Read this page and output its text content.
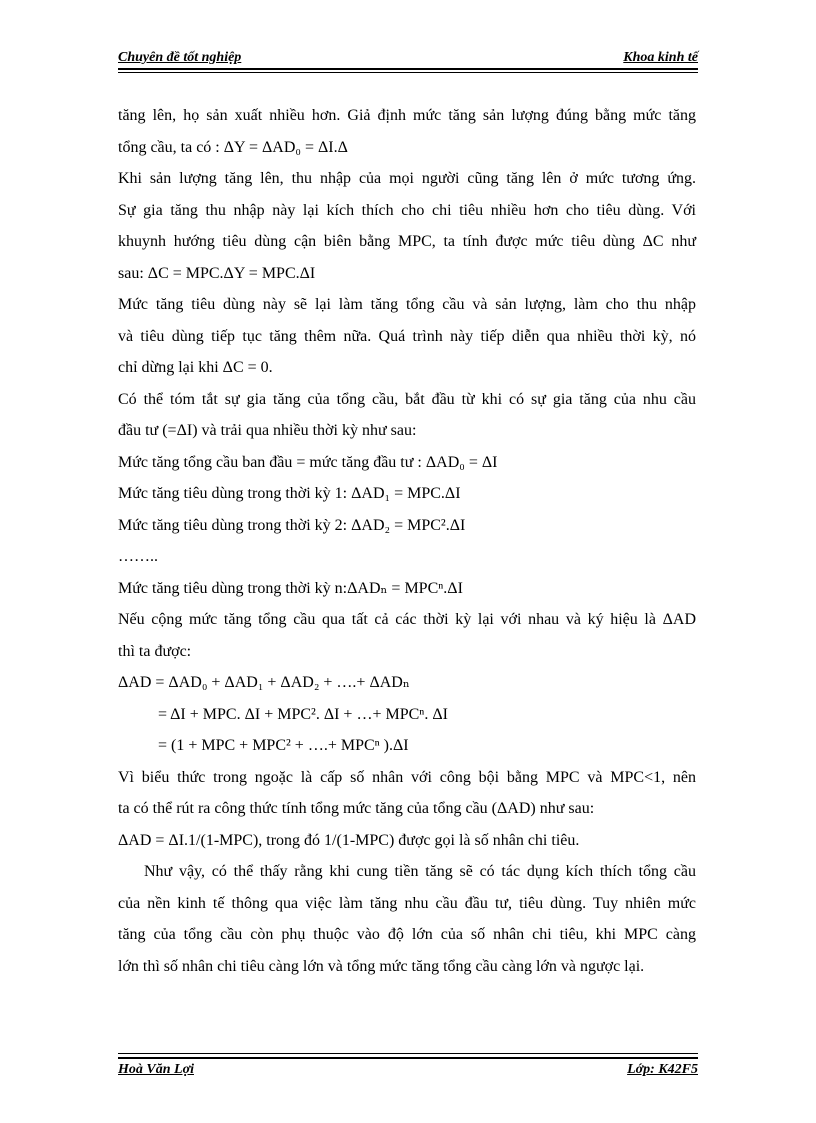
Chuyên đề tốt nghiệp	Khoa kinh tế
tăng lên, họ sản xuất nhiều hơn. Giả định mức tăng sản lượng đúng bằng mức tăng
tổng cầu, ta có : ΔY = ΔAD₀ = ΔI.Δ
Khi sản lượng tăng lên, thu nhập của mọi người cũng tăng lên ở mức tương ứng.
Sự gia tăng thu nhập này lại kích thích cho chi tiêu nhiều hơn cho tiêu dùng. Với
khuynh hướng tiêu dùng cận biên bằng MPC, ta tính được mức tiêu dùng ΔC như
sau: ΔC = MPC.ΔY = MPC.ΔI
Mức tăng tiêu dùng này sẽ lại làm tăng tổng cầu và sản lượng, làm cho thu nhập
và tiêu dùng tiếp tục tăng thêm nữa. Quá trình này tiếp diễn qua nhiều thời kỳ, nó
chỉ dừng lại khi ΔC = 0.
Có thể tóm tắt sự gia tăng của tổng cầu, bắt đầu từ khi có sự gia tăng của nhu cầu
đầu tư (=ΔI) và trải qua nhiều thời kỳ như sau:
Mức tăng tổng cầu ban đầu = mức tăng đầu tư : ΔAD₀ = ΔI
Mức tăng tiêu dùng trong thời kỳ 1: ΔAD₁ = MPC.ΔI
Mức tăng tiêu dùng trong thời kỳ 2: ΔAD₂ = MPC².ΔI
……..
Mức tăng tiêu dùng trong thời kỳ n:ΔADₙ = MPCⁿ.ΔI
Nếu cộng mức tăng tổng cầu qua tất cả các thời kỳ lại với nhau và ký hiệu là ΔAD
thì ta được:
ΔAD = ΔAD₀ + ΔAD₁ + ΔAD₂ + ….+ ΔADₙ
= ΔI + MPC. ΔI + MPC². ΔI + …+ MPCⁿ. ΔI
= (1 + MPC + MPC² + ….+ MPCⁿ ).ΔI
Vì biểu thức trong ngoặc là cấp số nhân với công bội bằng MPC và MPC<1, nên
ta có thể rút ra công thức tính tổng mức tăng của tổng cầu (ΔAD) như sau:
ΔAD = ΔI.1/(1-MPC), trong đó 1/(1-MPC) được gọi là số nhân chi tiêu.
Như vậy, có thể thấy rằng khi cung tiền tăng sẽ có tác dụng kích thích tổng cầu
của nền kinh tế thông qua việc làm tăng nhu cầu đầu tư, tiêu dùng. Tuy nhiên mức
tăng của tổng cầu còn phụ thuộc vào độ lớn của số nhân chi tiêu, khi MPC càng
lớn thì số nhân chi tiêu càng lớn và tổng mức tăng tổng cầu càng lớn và ngược lại.
Hoà Văn Lợi	Lớp: K42F5
